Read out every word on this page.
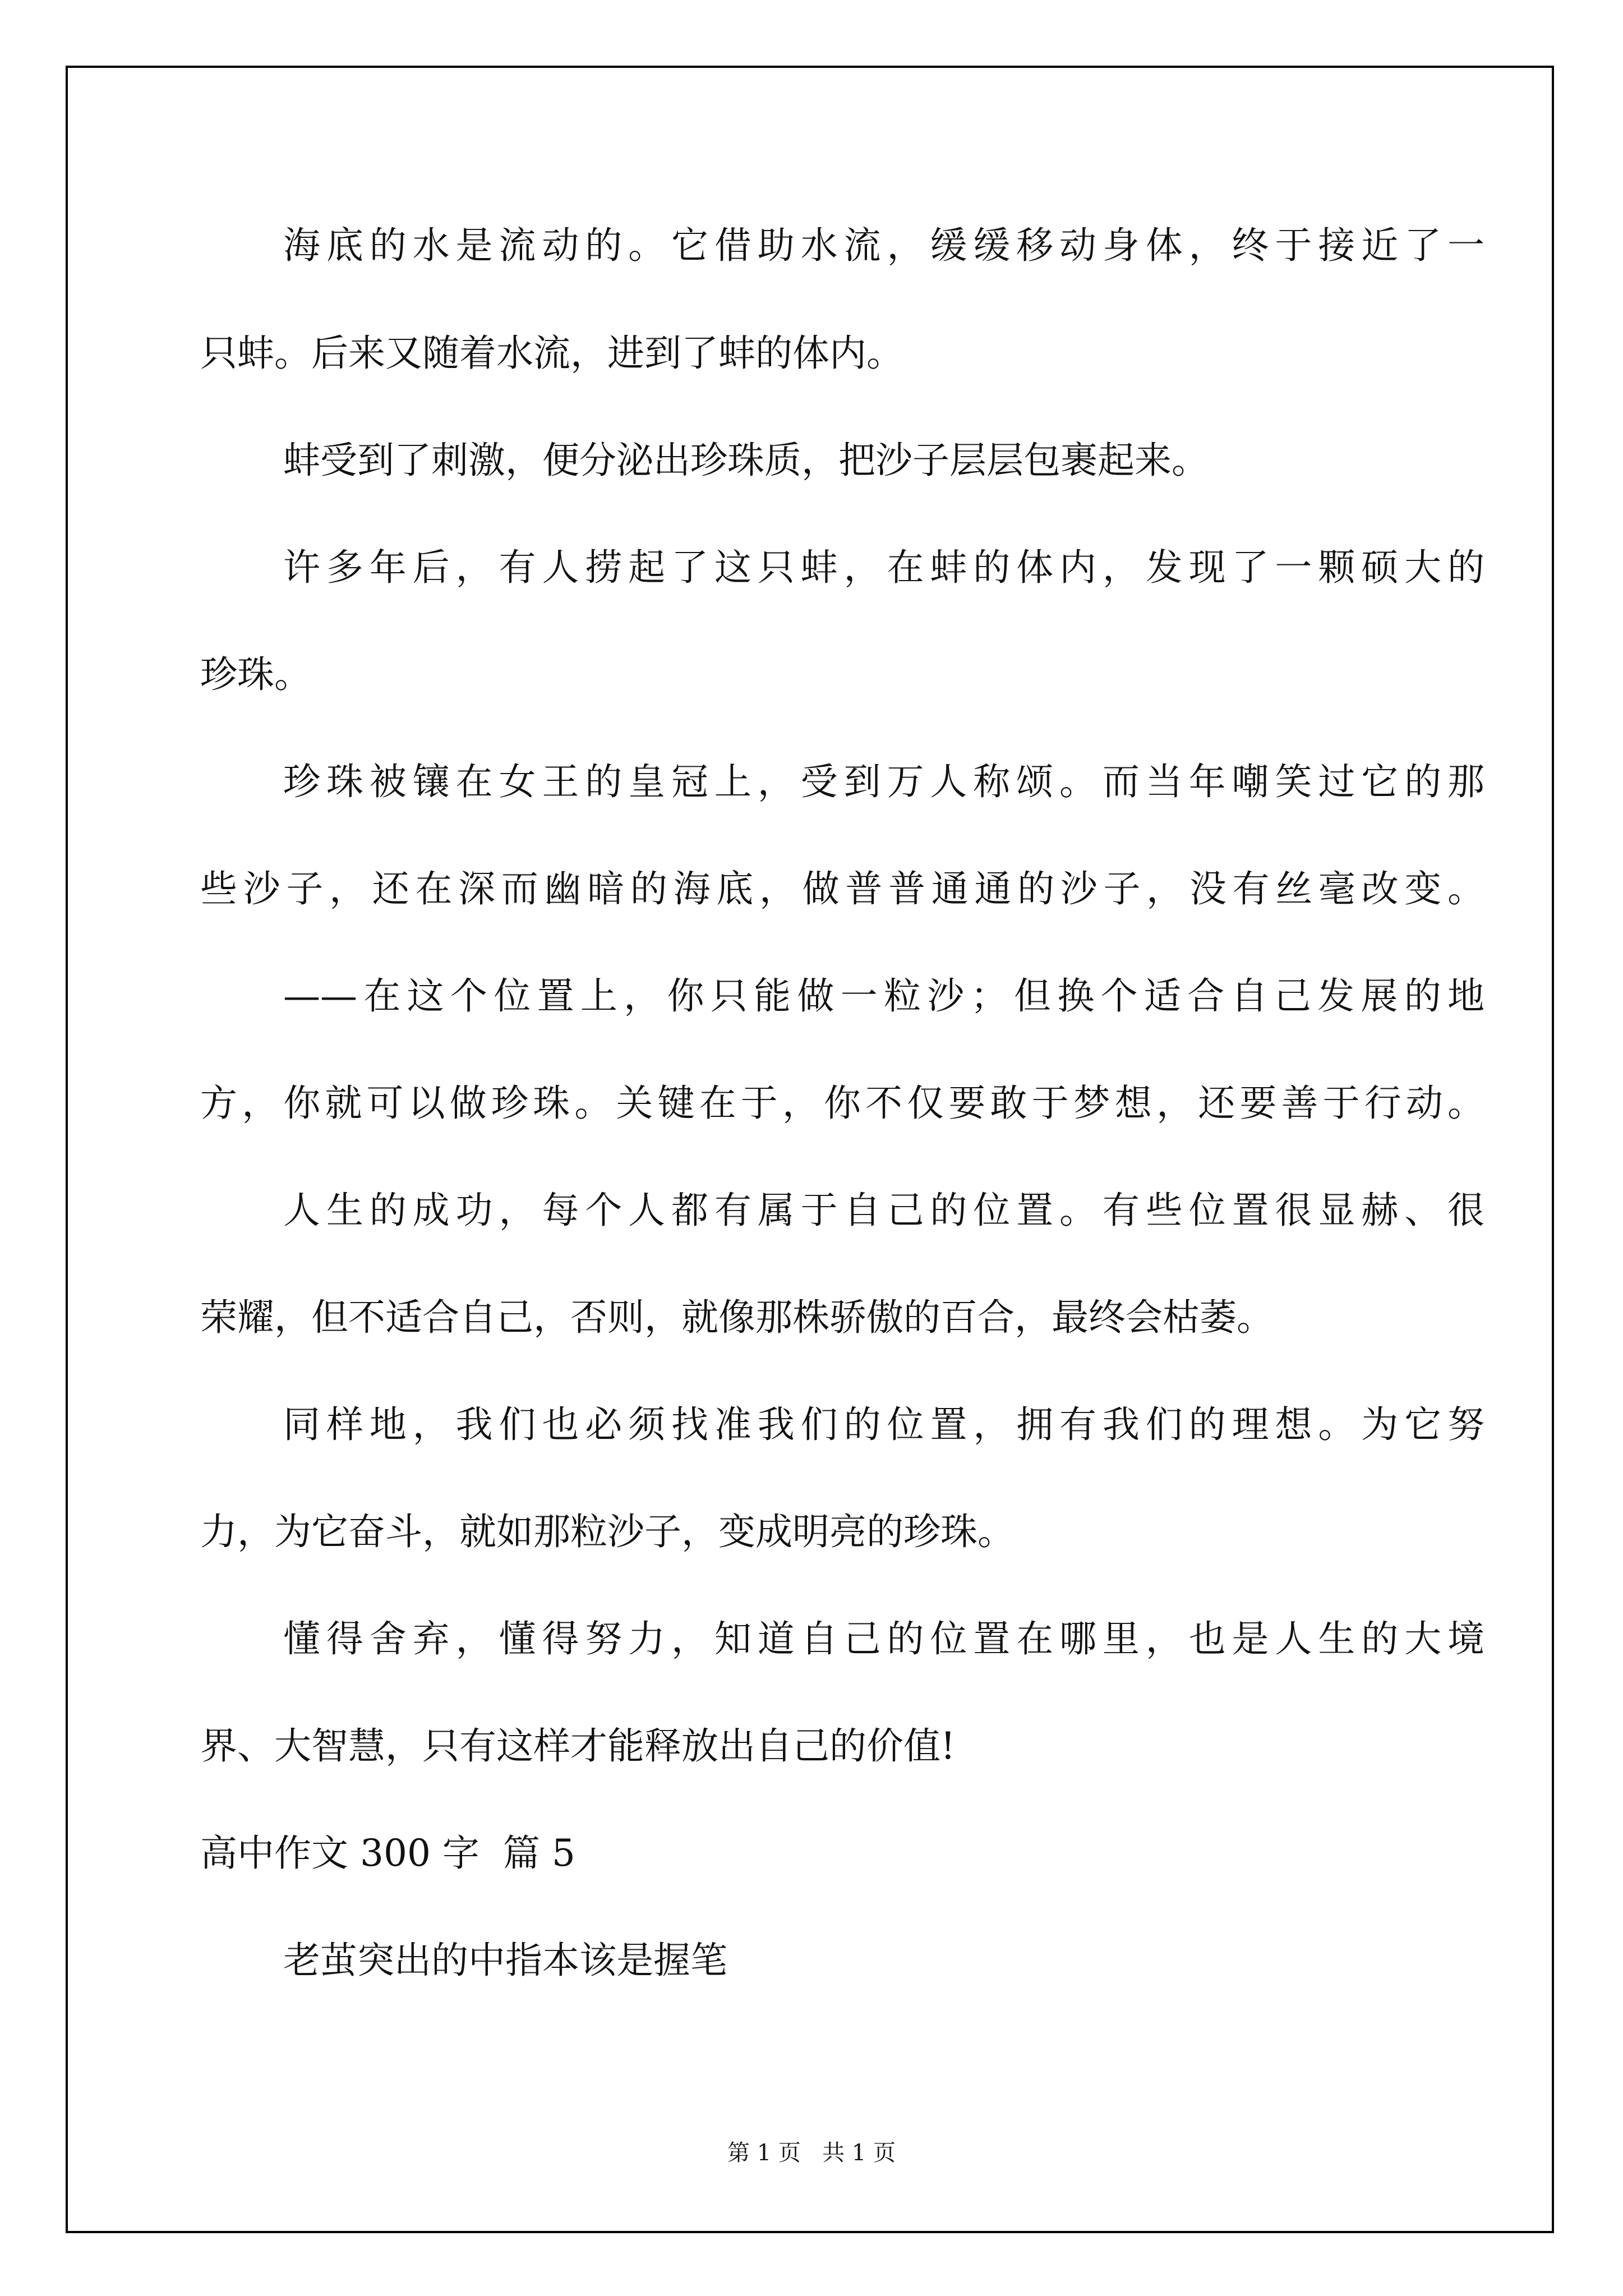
海底的水是流动的。它借助水流，缓缓移动身体，终于接近了一
只蚌。后来又随着水流，进到了蚌的体内。
蚌受到了刺激，便分泌出珍珠质，把沙子层层包裹起来。
许多年后，有人捞起了这只蚌，在蚌的体内，发现了一颗硕大的
珍珠。
珍珠被镶在女王的皇冠上，受到万人称颂。而当年嘲笑过它的那
些沙子，还在深而幽暗的海底，做普普通通的沙子，没有丝毫改变。
——在这个位置上，你只能做一粒沙；但换个适合自己发展的地
方，你就可以做珍珠。关键在于，你不仅要敢于梦想，还要善于行动。
人生的成功，每个人都有属于自己的位置。有些位置很显赫、很
荣耀，但不适合自己，否则，就像那株骄傲的百合，最终会枯萎。
同样地，我们也必须找准我们的位置，拥有我们的理想。为它努
力，为它奋斗，就如那粒沙子，变成明亮的珍珠。
懂得舍弃，懂得努力，知道自己的位置在哪里，也是人生的大境
界、大智慧，只有这样才能释放出自己的价值!
高中作文 300 字  篇 5
老茧突出的中指本该是握笔
第 1 页   共 1 页
